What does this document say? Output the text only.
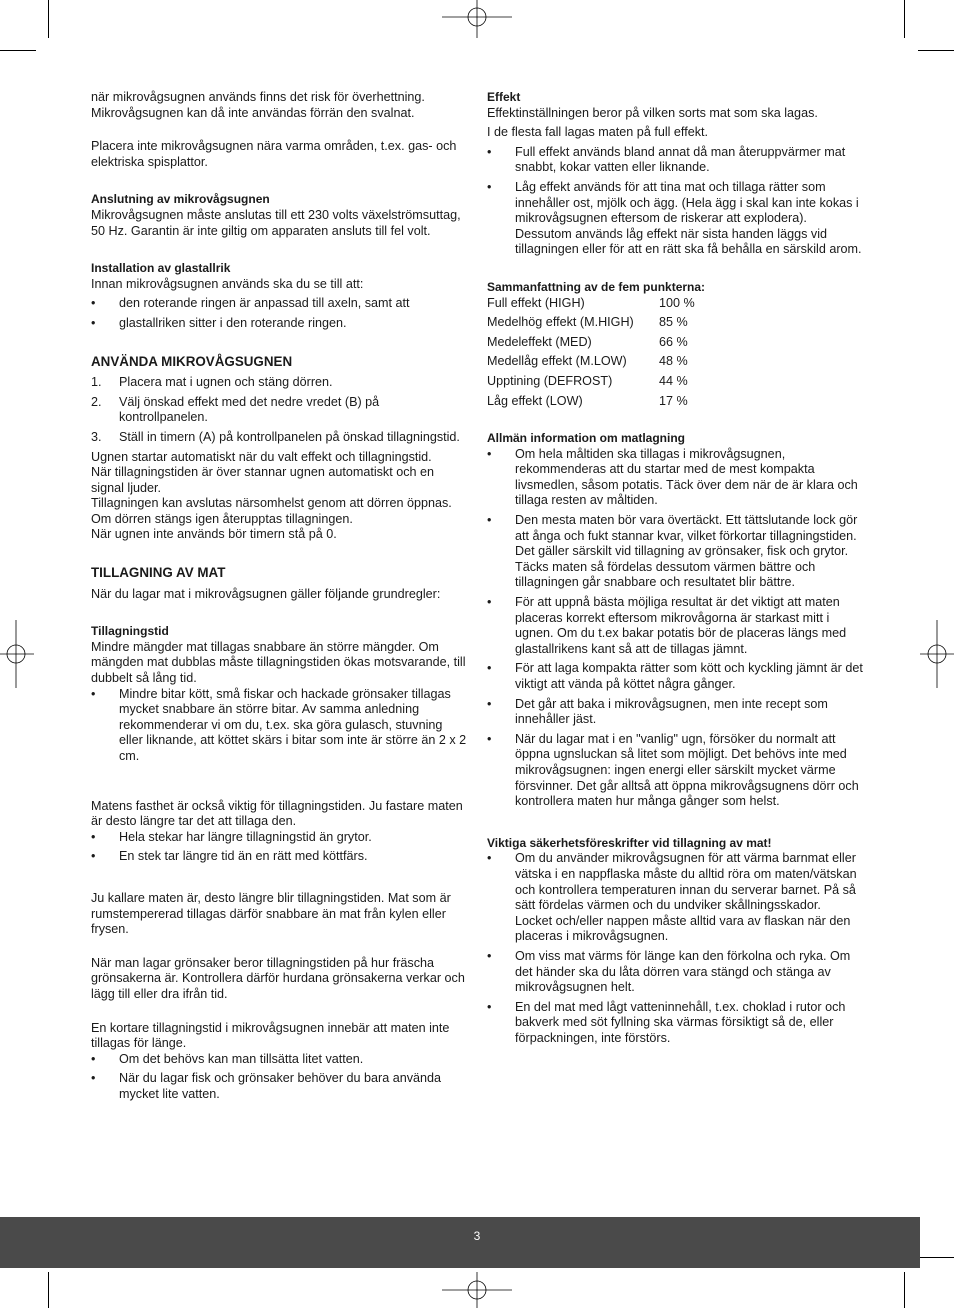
när mikrovågsugnen används finns det risk för överhettning. Mikrovågsugnen kan då inte användas förrän den svalnat.

Placera inte mikrovågsugnen nära varma områden, t.ex. gas- och elektriska spisplattor.

Anslutning av mikrovågsugnen

Mikrovågsugnen måste anslutas till ett 230 volts växelströmsuttag, 50 Hz. Garantin är inte giltig om apparaten ansluts till fel volt.

Installation av glastallrik

Innan mikrovågsugnen används ska du se till att:

• den roterande ringen är anpassad till axeln, samt att
• glastallriken sitter i den roterande ringen.

ANVÄNDA MIKROVÅGSUGNEN

1. Placera mat i ugnen och stäng dörren.
2. Välj önskad effekt med det nedre vredet (B) på kontrollpanelen.
3. Ställ in timern (A) på kontrollpanelen på önskad tillagningstid.

Ugnen startar automatiskt när du valt effekt och tillagningstid.

När tillagningstiden är över stannar ugnen automatiskt och en signal ljuder.

Tillagningen kan avslutas närsomhelst genom att dörren öppnas.

Om dörren stängs igen återupptas tillagningen.

När ugnen inte används bör timern stå på 0.

TILLAGNING AV MAT

När du lagar mat i mikrovågsugnen gäller följande grundregler:

Tillagningstid

Mindre mängder mat tillagas snabbare än större mängder. Om mängden mat dubblas måste tillagningstiden ökas motsvarande, till dubbelt så lång tid.

• Mindre bitar kött, små fiskar och hackade grönsaker tillagas mycket snabbare än större bitar. Av samma anledning rekommenderar vi om du, t.ex. ska göra gulasch, stuvning eller liknande, att köttet skärs i bitar som inte är större än 2 x 2 cm.

Matens fasthet är också viktig för tillagningstiden. Ju fastare maten är desto längre tar det att tillaga den.

• Hela stekar har längre tillagningstid än grytor.
• En stek tar längre tid än en rätt med köttfärs.

Ju kallare maten är, desto längre blir tillagningstiden. Mat som är rumstempererad tillagas därför snabbare än mat från kylen eller frysen.

När man lagar grönsaker beror tillagningstiden på hur fräscha grönsakerna är. Kontrollera därför hurdana grönsakerna verkar och lägg till eller dra ifrån tid.

En kortare tillagningstid i mikrovågsugnen innebär att maten inte tillagas för länge.

• Om det behövs kan man tillsätta litet vatten.
• När du lagar fisk och grönsaker behöver du bara använda mycket lite vatten.

Effekt

Effektinställningen beror på vilken sorts mat som ska lagas.

I de flesta fall lagas maten på full effekt.

• Full effekt används bland annat då man återuppvärmer mat snabbt, kokar vatten eller liknande.
• Låg effekt används för att tina mat och tillaga rätter som innehåller ost, mjölk och ägg. (Hela ägg i skal kan inte kokas i mikrovågsugnen eftersom de riskerar att explodera). Dessutom används låg effekt när sista handen läggs vid tillagningen eller för att en rätt ska få behålla en särskild arom.

Sammanfattning av de fem punkterna:

Full effekt (HIGH)	100 %
Medelhög effekt (M.HIGH)	85 %
Medeleffekt (MED)	66 %
Medellåg effekt (M.LOW)	48 %
Upptining (DEFROST)	44 %
Låg effekt (LOW)	17 %

Allmän information om matlagning

• Om hela måltiden ska tillagas i mikrovågsugnen, rekommenderas att du startar med de mest kompakta livsmedlen, såsom potatis. Täck över dem när de är klara och tillaga resten av måltiden.
• Den mesta maten bör vara övertäckt. Ett tättslutande lock gör att ånga och fukt stannar kvar, vilket förkortar tillagningstiden. Det gäller särskilt vid tillagning av grönsaker, fisk och grytor. Täcks maten så fördelas dessutom värmen bättre och tillagningen går snabbare och resultatet blir bättre.
• För att uppnå bästa möjliga resultat är det viktigt att maten placeras korrekt eftersom mikrovågorna är starkast mitt i ugnen. Om du t.ex bakar potatis bör de placeras längs med glastallrikens kant så att de tillagas jämnt.
• För att laga kompakta rätter som kött och kyckling jämnt är det viktigt att vända på köttet några gånger.
• Det går att baka i mikrovågsugnen, men inte recept som innehåller jäst.
• När du lagar mat i en "vanlig" ugn, försöker du normalt att öppna ugnsluckan så litet som möjligt. Det behövs inte med mikrovågsugnen: ingen energi eller särskilt mycket värme försvinner. Det går alltså att öppna mikrovågsugnens dörr och kontrollera maten hur många gånger som helst.

Viktiga säkerhetsföreskrifter vid tillagning av mat!

• Om du använder mikrovågsugnen för att värma barnmat eller vätska i en nappflaska måste du alltid röra om maten/vätskan och kontrollera temperaturen innan du serverar barnet. På så sätt fördelas värmen och du undviker skållningsskador.
Locket och/eller nappen måste alltid vara av flaskan när den placeras i mikrovågsugnen.
• Om viss mat värms för länge kan den förkolna och ryka. Om det händer ska du låta dörren vara stängd och stänga av mikrovågsugnen helt.
• En del mat med lågt vatteninnehåll, t.ex. choklad i rutor och bakverk med söt fyllning ska värmas försiktigt så de, eller förpackningen, inte förstörs.
3
